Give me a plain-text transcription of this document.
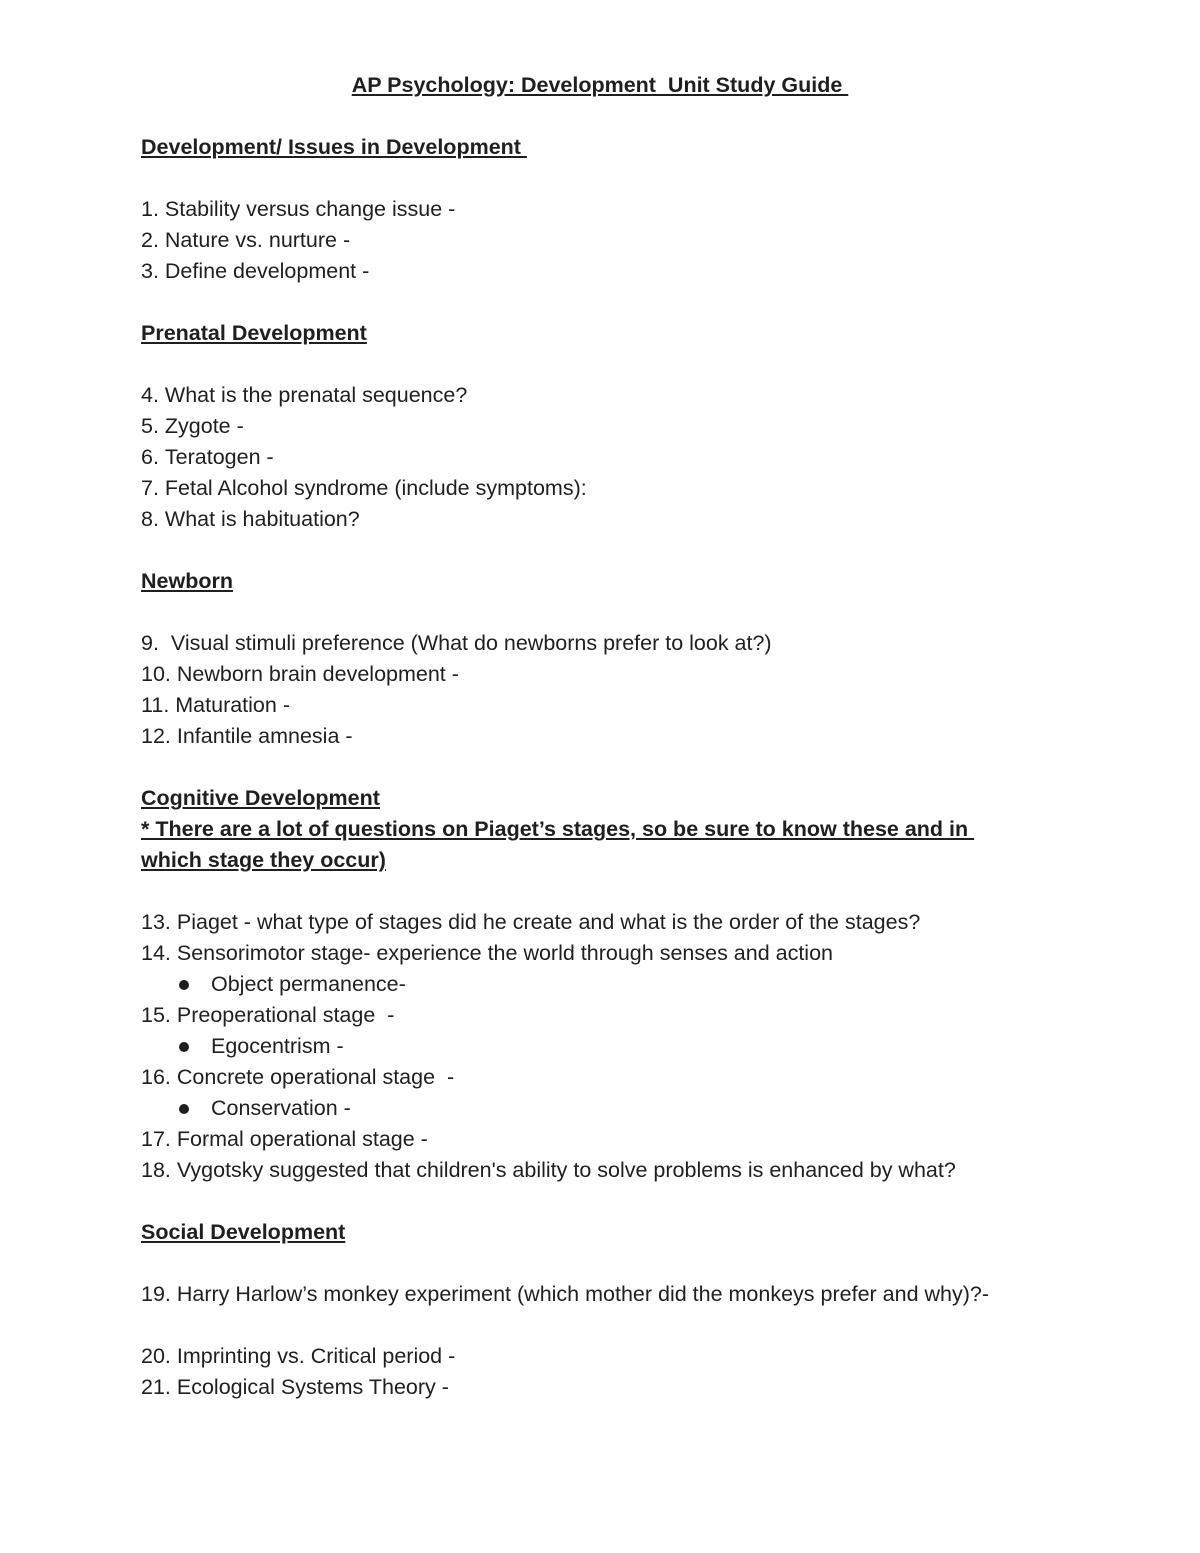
AP Psychology: Development  Unit Study Guide
Development/ Issues in Development
1. Stability versus change issue -
2. Nature vs. nurture -
3. Define development -
Prenatal Development
4. What is the prenatal sequence?
5. Zygote -
6. Teratogen -
7. Fetal Alcohol syndrome (include symptoms):
8. What is habituation?
Newborn
9. Visual stimuli preference (What do newborns prefer to look at?)
10. Newborn brain development -
11. Maturation -
12. Infantile amnesia -
Cognitive Development
* There are a lot of questions on Piaget’s stages, so be sure to know these and in
which stage they occur)
13. Piaget - what type of stages did he create and what is the order of the stages?
14. Sensorimotor stage- experience the world through senses and action
Object permanence-
15. Preoperational stage  -
Egocentrism -
16. Concrete operational stage  -
Conservation -
17. Formal operational stage -
18. Vygotsky suggested that children's ability to solve problems is enhanced by what?
Social Development
19. Harry Harlow’s monkey experiment (which mother did the monkeys prefer and why)?-
20. Imprinting vs. Critical period -
21. Ecological Systems Theory -
